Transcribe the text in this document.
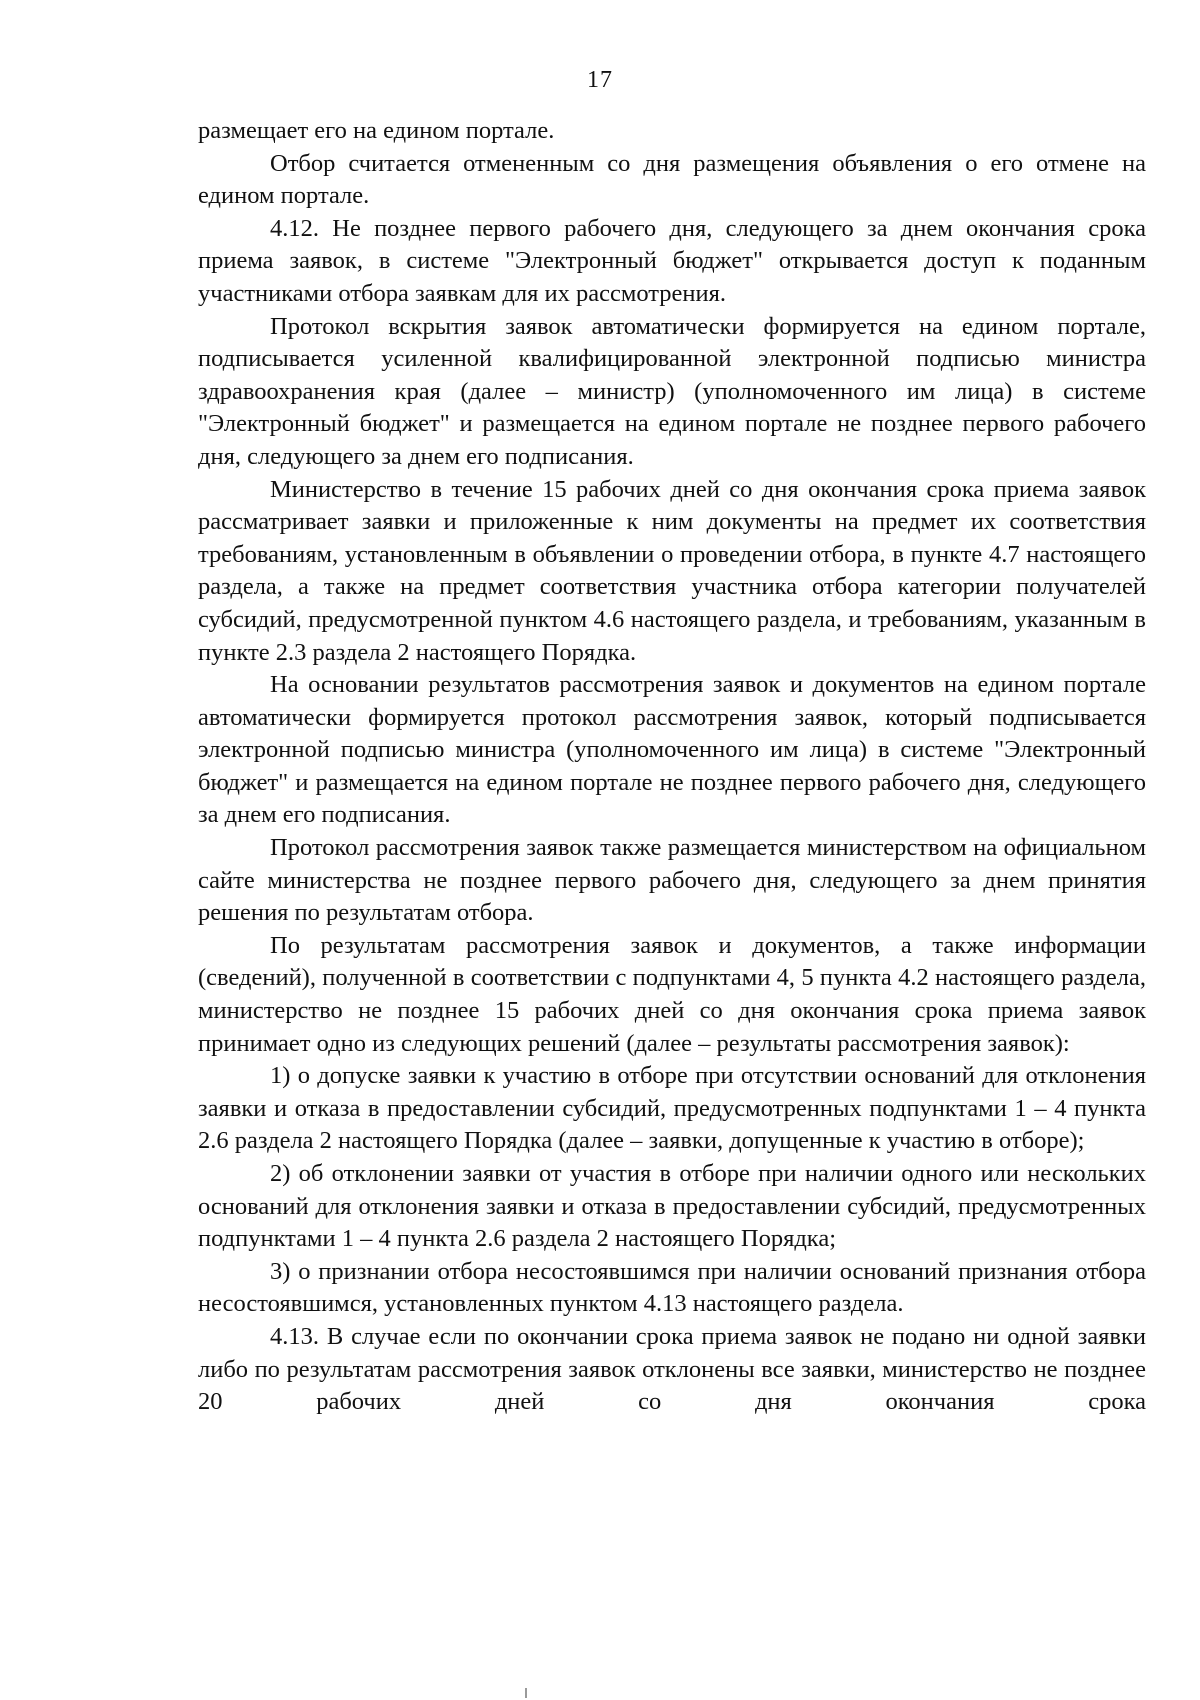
17

размещает его на едином портале.

Отбор считается отмененным со дня размещения объявления о его отмене на едином портале.

4.12. Не позднее первого рабочего дня, следующего за днем окончания срока приема заявок, в системе "Электронный бюджет" открывается доступ к поданным участниками отбора заявкам для их рассмотрения.

Протокол вскрытия заявок автоматически формируется на едином портале, подписывается усиленной квалифицированной электронной подписью министра здравоохранения края (далее – министр) (уполномоченного им лица) в системе "Электронный бюджет" и размещается на едином портале не позднее первого рабочего дня, следующего за днем его подписания.

Министерство в течение 15 рабочих дней со дня окончания срока приема заявок рассматривает заявки и приложенные к ним документы на предмет их соответствия требованиям, установленным в объявлении о проведении отбора, в пункте 4.7 настоящего раздела, а также на предмет соответствия участника отбора категории получателей субсидий, предусмотренной пунктом 4.6 настоящего раздела, и требованиям, указанным в пункте 2.3 раздела 2 настоящего Порядка.

На основании результатов рассмотрения заявок и документов на едином портале автоматически формируется протокол рассмотрения заявок, который подписывается электронной подписью министра (уполномоченного им лица) в системе "Электронный бюджет" и размещается на едином портале не позднее первого рабочего дня, следующего за днем его подписания.

Протокол рассмотрения заявок также размещается министерством на официальном сайте министерства не позднее первого рабочего дня, следующего за днем принятия решения по результатам отбора.

По результатам рассмотрения заявок и документов, а также информации (сведений), полученной в соответствии с подпунктами 4, 5 пункта 4.2 настоящего раздела, министерство не позднее 15 рабочих дней со дня окончания срока приема заявок принимает одно из следующих решений (далее – результаты рассмотрения заявок):

1) о допуске заявки к участию в отборе при отсутствии оснований для отклонения заявки и отказа в предоставлении субсидий, предусмотренных подпунктами 1 – 4 пункта 2.6 раздела 2 настоящего Порядка (далее – заявки, допущенные к участию в отборе);

2) об отклонении заявки от участия в отборе при наличии одного или нескольких оснований для отклонения заявки и отказа в предоставлении субсидий, предусмотренных подпунктами 1 – 4 пункта 2.6 раздела 2 настоящего Порядка;

3) о признании отбора несостоявшимся при наличии оснований признания отбора несостоявшимся, установленных пунктом 4.13 настоящего раздела.

4.13. В случае если по окончании срока приема заявок не подано ни одной заявки либо по результатам рассмотрения заявок отклонены все заявки, министерство не позднее 20 рабочих дней со дня окончания срока
